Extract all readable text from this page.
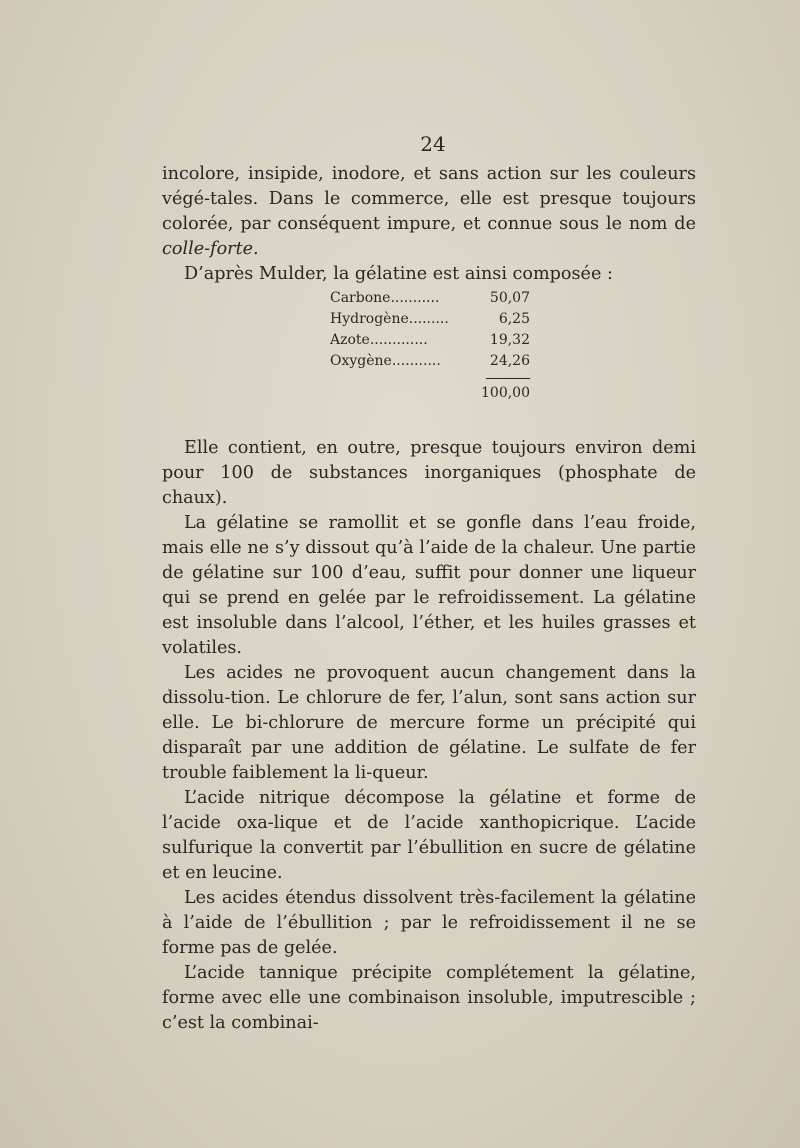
24

incolore, insipide, inodore, et sans action sur les couleurs végé-tales. Dans le commerce, elle est presque toujours colorée, par conséquent impure, et connue sous le nom de colle-forte.

D’après Mulder, la gélatine est ainsi composée :

Carbone...........	50,07
Hydrogène.........	6,25
Azote.............	19,32
Oxygène...........	24,26
100,00

Elle contient, en outre, presque toujours environ demi pour 100 de substances inorganiques (phosphate de chaux).

La gélatine se ramollit et se gonfle dans l’eau froide, mais elle ne s’y dissout qu’à l’aide de la chaleur. Une partie de gélatine sur 100 d’eau, suffit pour donner une liqueur qui se prend en gelée par le refroidissement. La gélatine est insoluble dans l’alcool, l’éther, et les huiles grasses et volatiles.

Les acides ne provoquent aucun changement dans la dissolu-tion. Le chlorure de fer, l’alun, sont sans action sur elle. Le bi-chlorure de mercure forme un précipité qui disparaît par une addition de gélatine. Le sulfate de fer trouble faiblement la li-queur.

L’acide nitrique décompose la gélatine et forme de l’acide oxa-lique et de l’acide xanthopicrique. L’acide sulfurique la convertit par l’ébullition en sucre de gélatine et en leucine.

Les acides étendus dissolvent très-facilement la gélatine à l’aide de l’ébullition ; par le refroidissement il ne se forme pas de gelée.

L’acide tannique précipite complétement la gélatine, forme avec elle une combinaison insoluble, imputrescible ; c’est la combinai-
